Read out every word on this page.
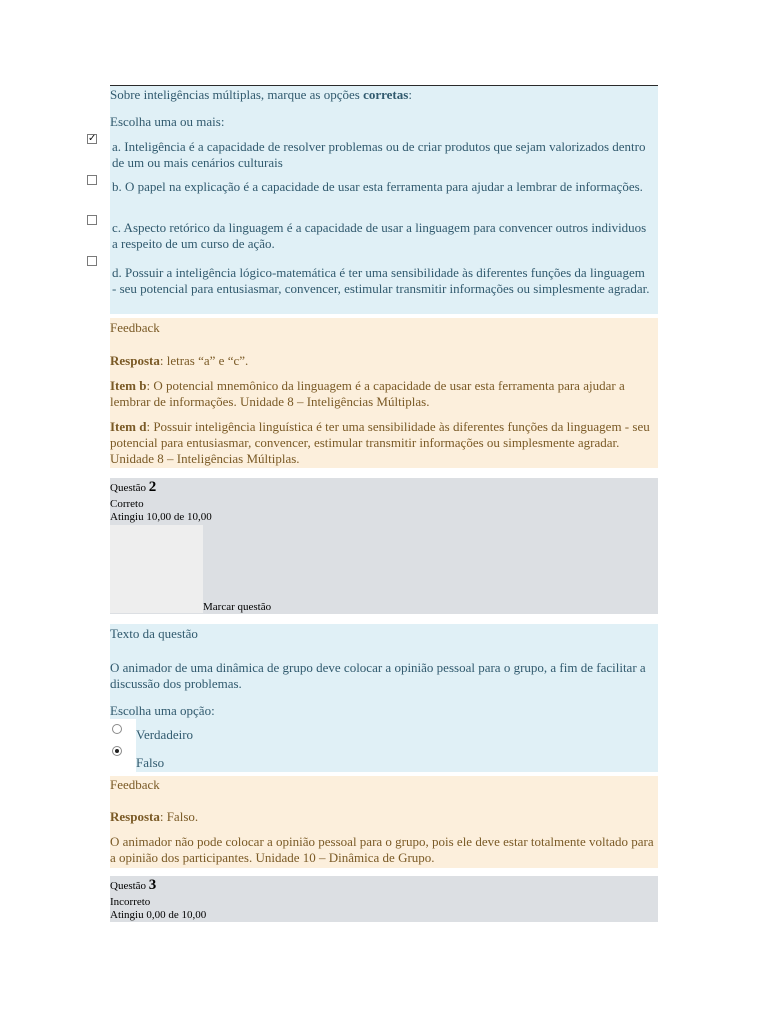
Sobre inteligências múltiplas, marque as opções corretas:
Escolha uma ou mais:
a. Inteligência é a capacidade de resolver problemas ou de criar produtos que sejam valorizados dentro de um ou mais cenários culturais
b. O papel na explicação é a capacidade de usar esta ferramenta para ajudar a lembrar de informações.
c. Aspecto retórico da linguagem é a capacidade de usar a linguagem para convencer outros individuos a respeito de um curso de ação.
d. Possuir a inteligência lógico-matemática é ter uma sensibilidade às diferentes funções da linguagem - seu potencial para entusiasmar, convencer, estimular transmitir informações ou simplesmente agradar.
✓
Feedback
Resposta: letras “a” e “c”.
Item b: O potencial mnemônico da linguagem é a capacidade de usar esta ferramenta para ajudar a lembrar de informações. Unidade 8 – Inteligências Múltiplas.
Item d: Possuir inteligência linguística é ter uma sensibilidade às diferentes funções da linguagem - seu potencial para entusiasmar, convencer, estimular transmitir informações ou simplesmente agradar. Unidade 8 – Inteligências Múltiplas.
Questão 2
Correto
Atingiu 10,00 de 10,00
Marcar questão
Texto da questão
O animador de uma dinâmica de grupo deve colocar a opinião pessoal para o grupo, a fim de facilitar a discussão dos problemas.
Escolha uma opção:
Verdadeiro
Falso
Feedback
Resposta: Falso.
O animador não pode colocar a opinião pessoal para o grupo, pois ele deve estar totalmente voltado para a opinião dos participantes. Unidade 10 – Dinâmica de Grupo.
Questão 3
Incorreto
Atingiu 0,00 de 10,00
